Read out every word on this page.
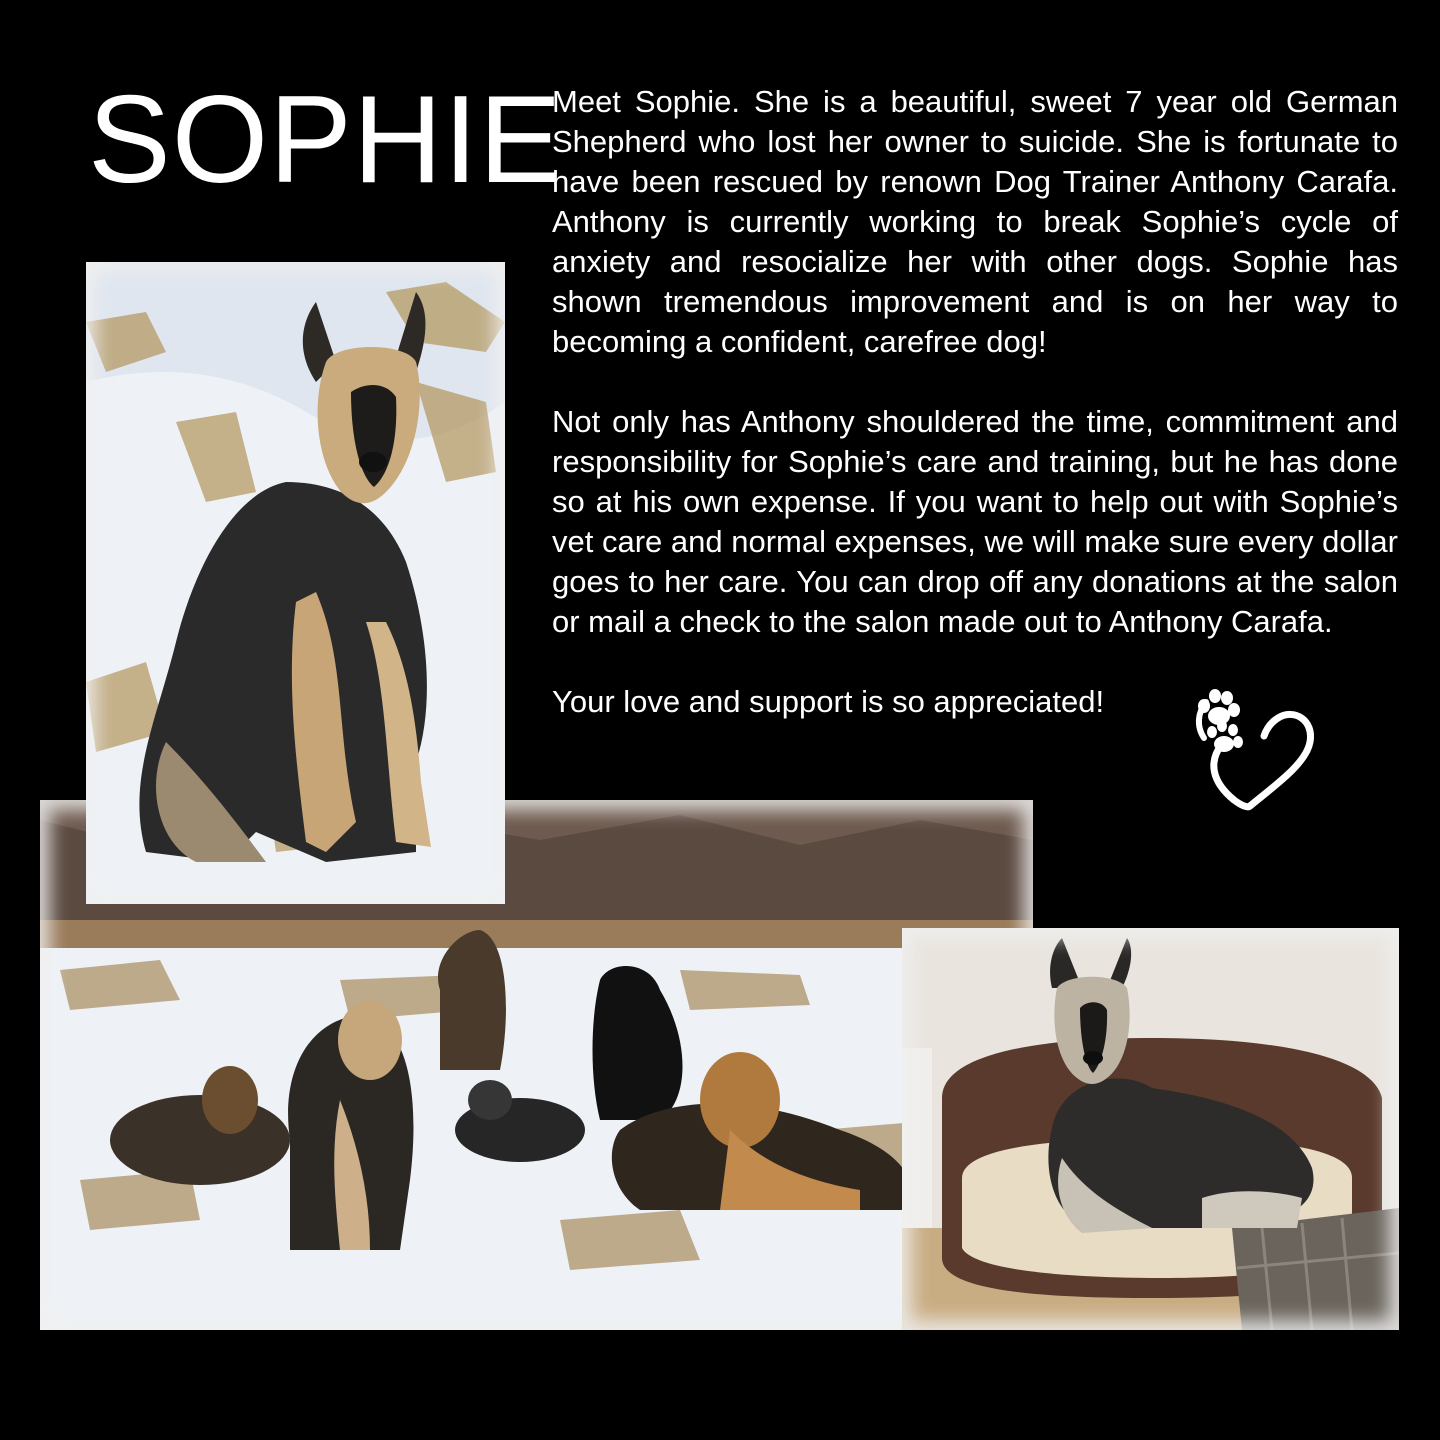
SOPHIE

Meet Sophie. She is a beautiful, sweet 7 year old German Shepherd who lost her owner to suicide. She is fortunate to have been rescued by renown Dog Trainer Anthony Carafa. Anthony is currently working to break Sophie’s cycle of anxiety and resocialize her with other dogs. Sophie has shown tremendous improvement and is on her way to becoming a confident, carefree dog!

Not only has Anthony shouldered the time, commitment and responsibility for Sophie’s care and training, but he has done so at his own expense. If you want to help out with Sophie’s vet care and normal expenses, we will make sure every dollar goes to her care. You can drop off any donations at the salon or mail a check to the salon made out to Anthony Carafa.

Your love and support is so appreciated!
